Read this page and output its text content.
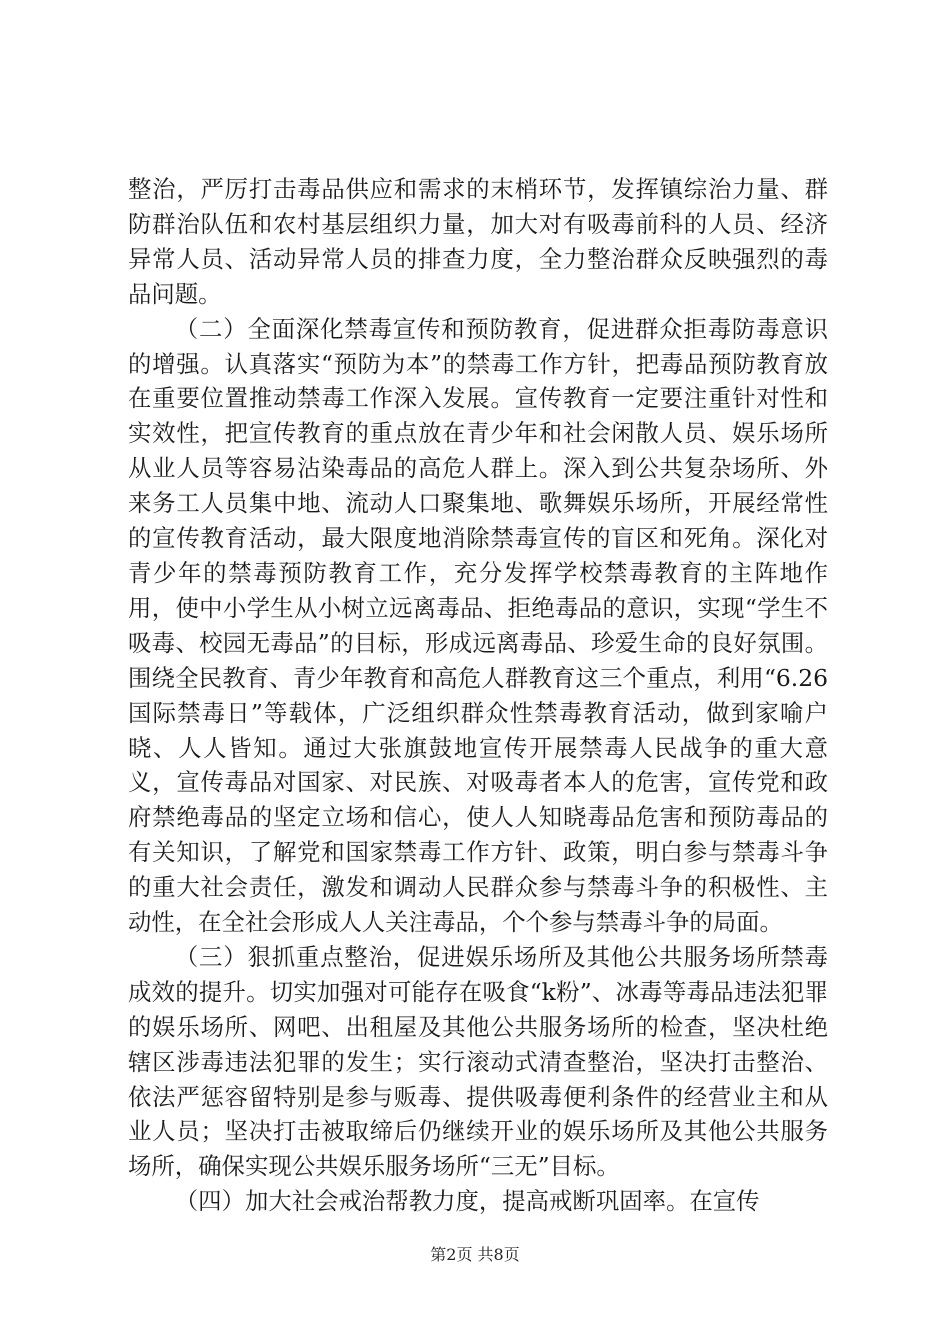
整治，严厉打击毒品供应和需求的末梢环节，发挥镇综治力量、群防群治队伍和农村基层组织力量，加大对有吸毒前科的人员、经济异常人员、活动异常人员的排查力度，全力整治群众反映强烈的毒品问题。

（二）全面深化禁毒宣传和预防教育，促进群众拒毒防毒意识的增强。认真落实“预防为本”的禁毒工作方针，把毒品预防教育放在重要位置推动禁毒工作深入发展。宣传教育一定要注重针对性和实效性，把宣传教育的重点放在青少年和社会闲散人员、娱乐场所从业人员等容易沾染毒品的高危人群上。深入到公共复杂场所、外来务工人员集中地、流动人口聚集地、歌舞娱乐场所，开展经常性的宣传教育活动，最大限度地消除禁毒宣传的盲区和死角。深化对青少年的禁毒预防教育工作，充分发挥学校禁毒教育的主阵地作用，使中小学生从小树立远离毒品、拒绝毒品的意识，实现“学生不吸毒、校园无毒品”的目标，形成远离毒品、珍爱生命的良好氛围。围绕全民教育、青少年教育和高危人群教育这三个重点，利用“6.26国际禁毒日”等载体，广泛组织群众性禁毒教育活动，做到家喻户晓、人人皆知。通过大张旗鼓地宣传开展禁毒人民战争的重大意义，宣传毒品对国家、对民族、对吸毒者本人的危害，宣传党和政府禁绝毒品的坚定立场和信心，使人人知晓毒品危害和预防毒品的有关知识，了解党和国家禁毒工作方针、政策，明白参与禁毒斗争的重大社会责任，激发和调动人民群众参与禁毒斗争的积极性、主动性，在全社会形成人人关注毒品，个个参与禁毒斗争的局面。

（三）狠抓重点整治，促进娱乐场所及其他公共服务场所禁毒成效的提升。切实加强对可能存在吸食“k粉”、冰毒等毒品违法犯罪的娱乐场所、网吧、出租屋及其他公共服务场所的检查，坚决杜绝辖区涉毒违法犯罪的发生；实行滚动式清查整治，坚决打击整治、依法严惩容留特别是参与贩毒、提供吸毒便利条件的经营业主和从业人员；坚决打击被取缔后仍继续开业的娱乐场所及其他公共服务场所，确保实现公共娱乐服务场所“三无”目标。

（四）加大社会戒治帮教力度，提高戒断巩固率。在宣传

第2页 共8页
